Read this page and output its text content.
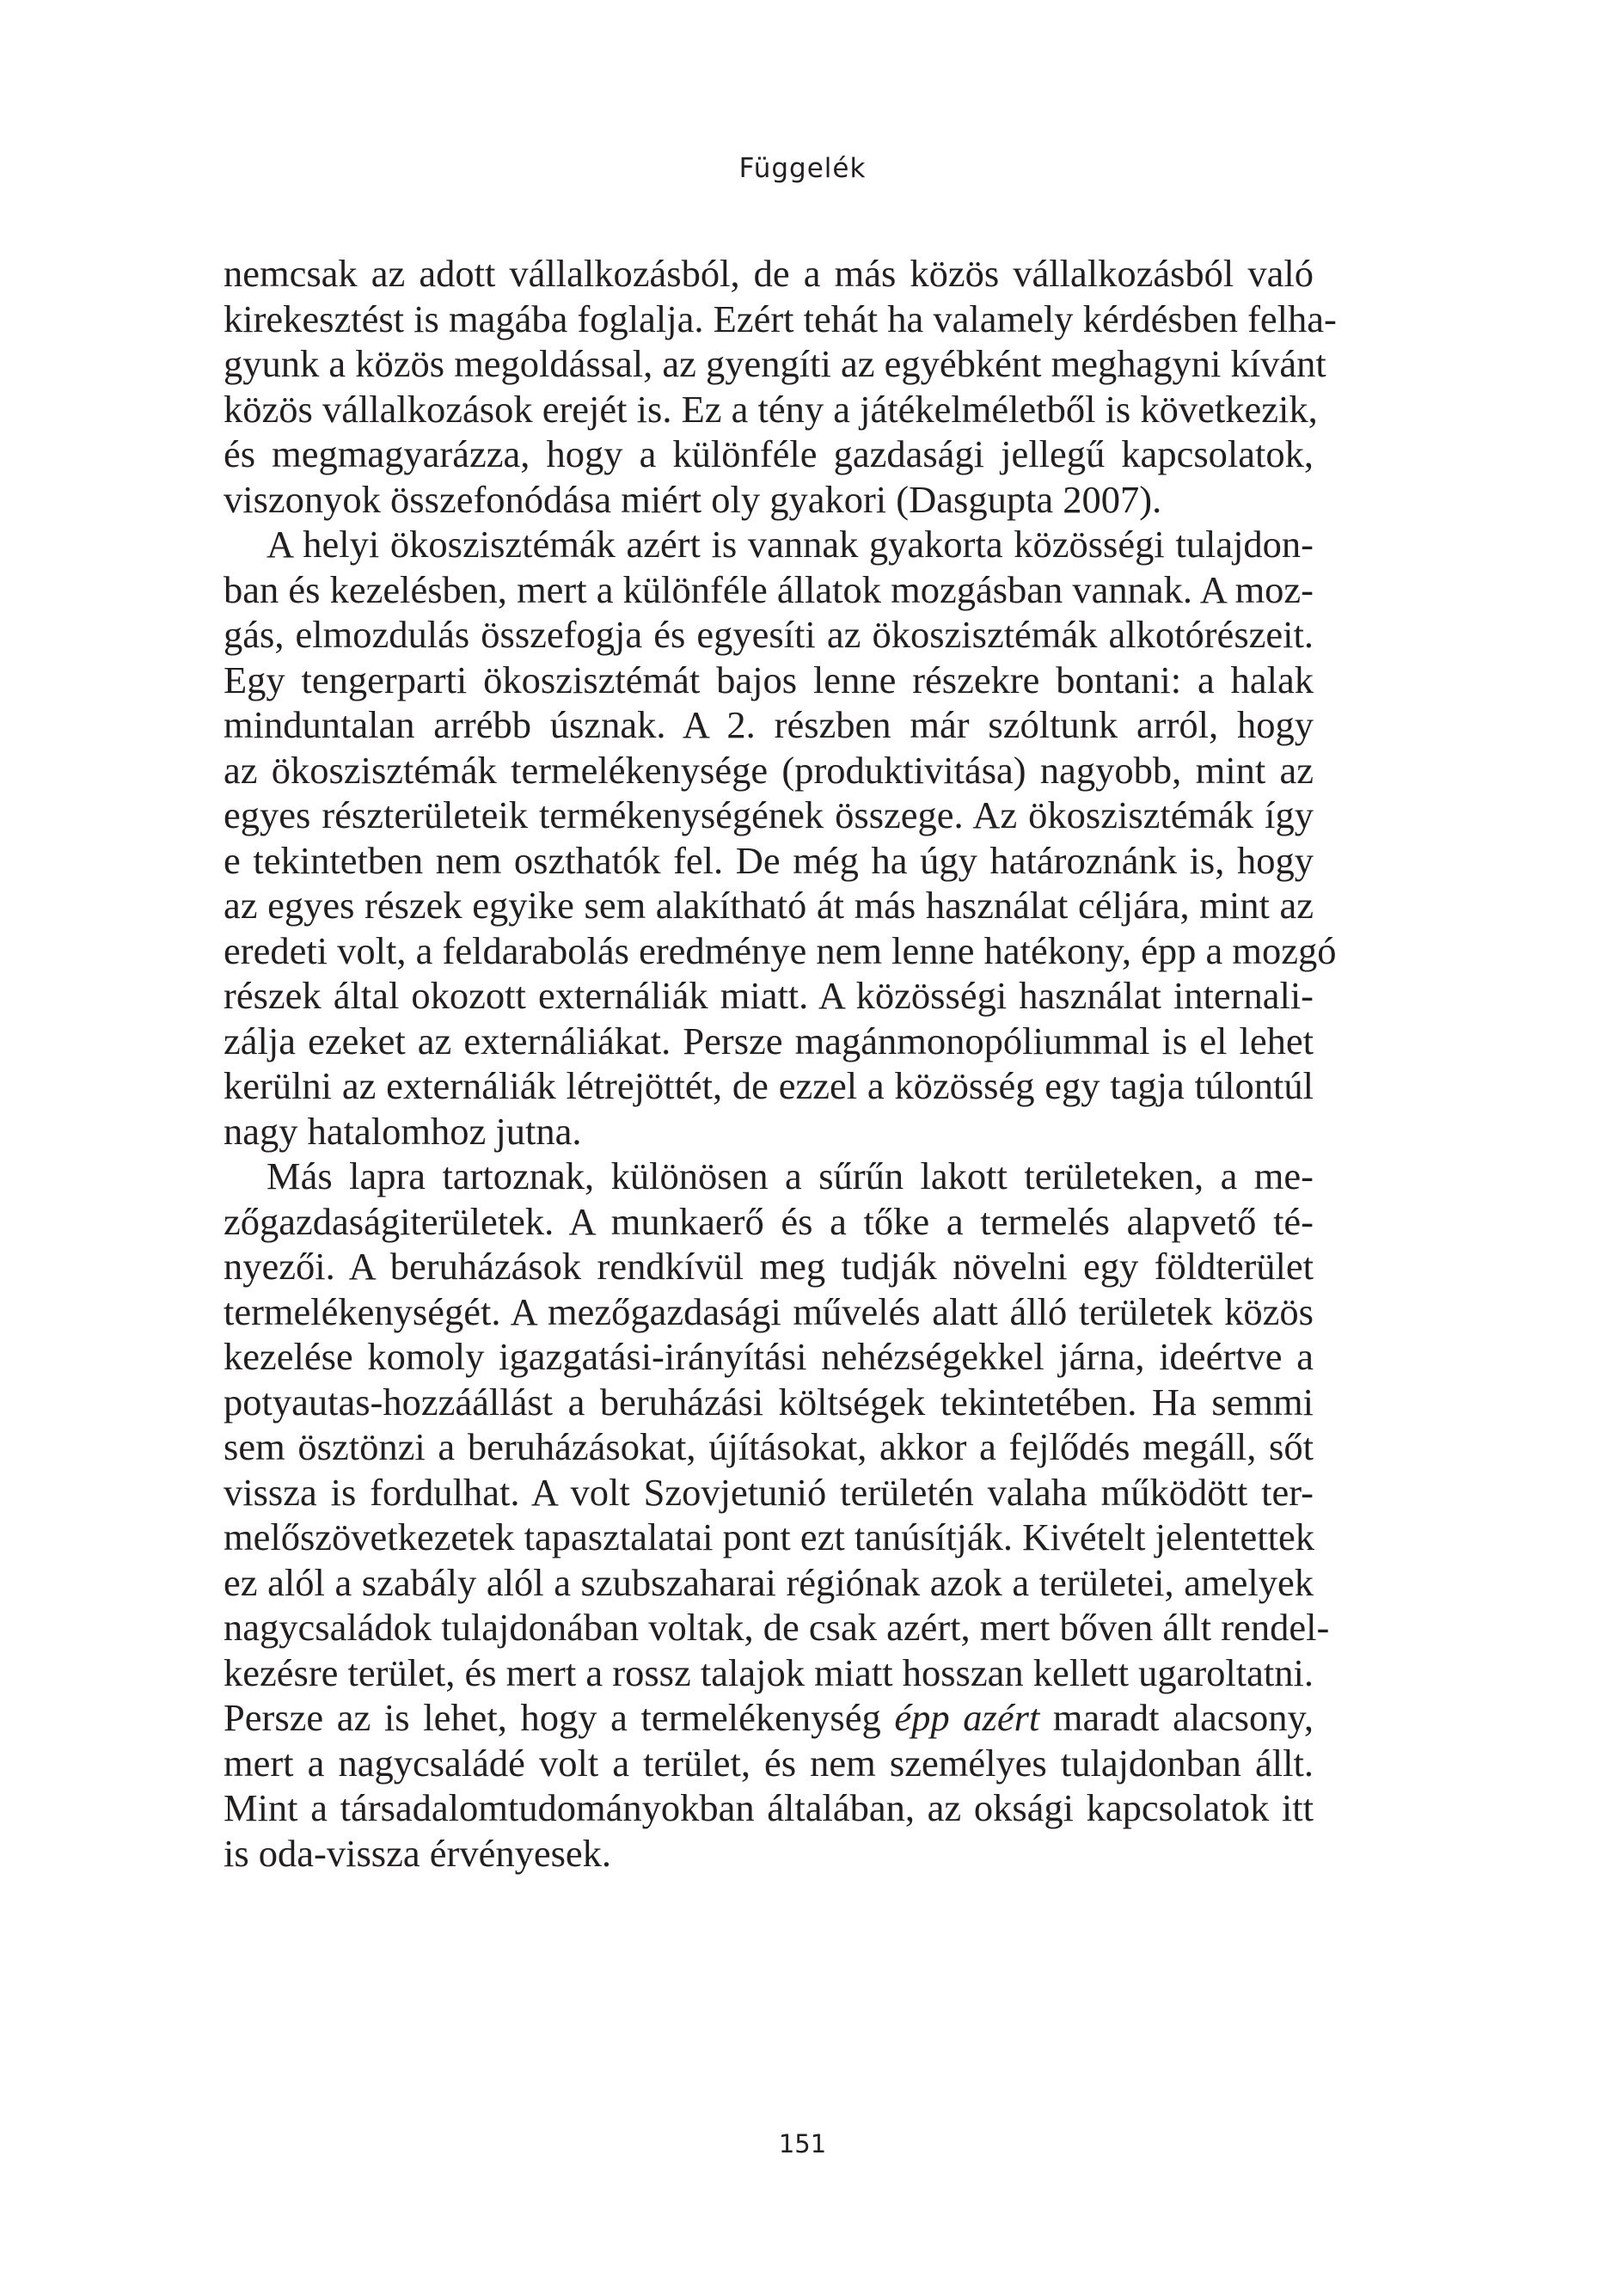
Függelék

nemcsak az adott vállalkozásból, de a más közös vállalkozásból való
kirekesztést is magába foglalja. Ezért tehát ha valamely kérdésben felha-
gyunk a közös megoldással, az gyengíti az egyébként meghagyni kívánt
közös vállalkozások erejét is. Ez a tény a játékelméletből is következik,
és megmagyarázza, hogy a különféle gazdasági jellegű kapcsolatok,
viszonyok összefonódása miért oly gyakori (Dasgupta 2007).

A helyi ökoszisztémák azért is vannak gyakorta közösségi tulajdon-
ban és kezelésben, mert a különféle állatok mozgásban vannak. A moz-
gás, elmozdulás összefogja és egyesíti az ökoszisztémák alkotórészeit.
Egy tengerparti ökoszisztémát bajos lenne részekre bontani: a halak
minduntalan arrébb úsznak. A 2. részben már szóltunk arról, hogy
az ökoszisztémák termelékenysége (produktivitása) nagyobb, mint az
egyes részterületeik termékenységének összege. Az ökoszisztémák így
e tekintetben nem oszthatók fel. De még ha úgy határoznánk is, hogy
az egyes részek egyike sem alakítható át más használat céljára, mint az
eredeti volt, a feldarabolás eredménye nem lenne hatékony, épp a mozgó
részek által okozott externáliák miatt. A közösségi használat internali-
zálja ezeket az externáliákat. Persze magánmonopóliummal is el lehet
kerülni az externáliák létrejöttét, de ezzel a közösség egy tagja túlontúl
nagy hatalomhoz jutna.

Más lapra tartoznak, különösen a sűrűn lakott területeken, a me-
zőgazdaságiterületek. A munkaerő és a tőke a termelés alapvető té-
nyezői. A beruházások rendkívül meg tudják növelni egy földterület
termelékenységét. A mezőgazdasági művelés alatt álló területek közös
kezelése komoly igazgatási-irányítási nehézségekkel járna, ideértve a
potyautas-hozzáállást a beruházási költségek tekintetében. Ha semmi
sem ösztönzi a beruházásokat, újításokat, akkor a fejlődés megáll, sőt
vissza is fordulhat. A volt Szovjetunió területén valaha működött ter-
melőszövetkezetek tapasztalatai pont ezt tanúsítják. Kivételt jelentettek
ez alól a szabály alól a szubszaharai régiónak azok a területei, amelyek
nagycsaládok tulajdonában voltak, de csak azért, mert bőven állt rendel-
kezésre terület, és mert a rossz talajok miatt hosszan kellett ugaroltatni.
Persze az is lehet, hogy a termelékenység épp azért maradt alacsony,
mert a nagycsaládé volt a terület, és nem személyes tulajdonban állt.
Mint a társadalomtudományokban általában, az oksági kapcsolatok itt
is oda-vissza érvényesek.

151
